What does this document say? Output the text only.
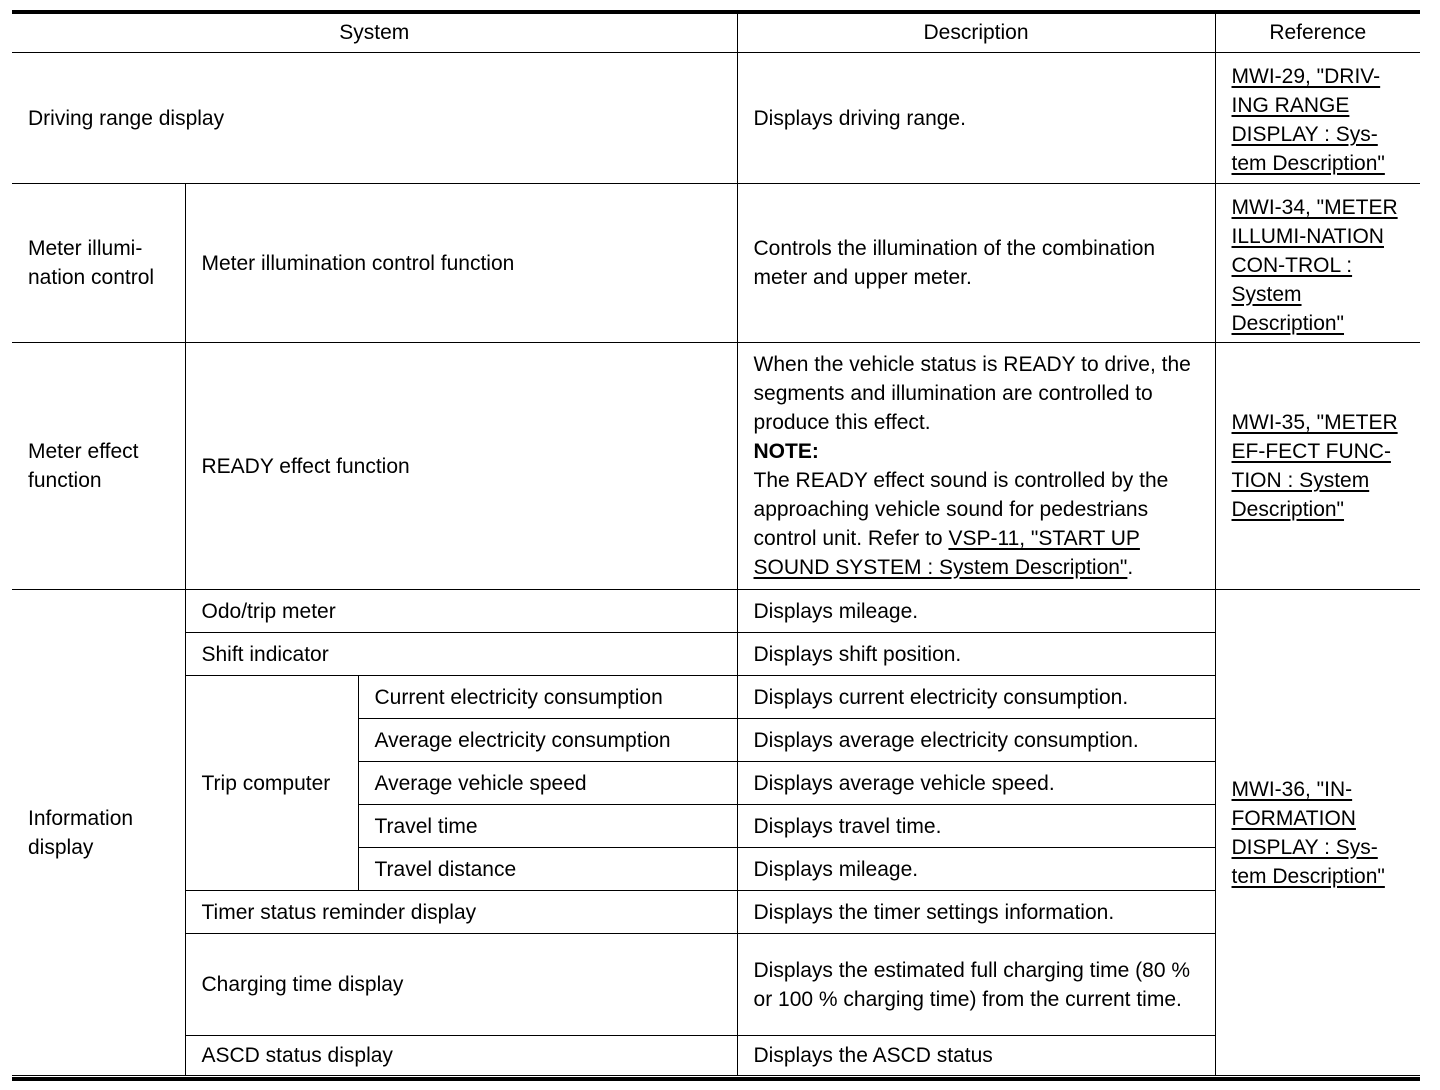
System			Description	Reference
Driving range display			Displays driving range.	MWI-29, "DRIV-ING RANGE DISPLAY : Sys-tem Description"
Meter illumi-nation control	Meter illumination control function		Controls the illumination of the combination meter and upper meter.	MWI-34, "METER ILLUMI-NATION CON-TROL : System Description"
Meter effect function	READY effect function		When the vehicle status is READY to drive, the segments and illumination are controlled to produce this effect.
NOTE:
The READY effect sound is controlled by the approaching vehicle sound for pedestrians control unit. Refer to VSP-11, "START UP SOUND SYSTEM : System Description".	MWI-35, "METER EF-FECT FUNC-TION : System Description"
Information display	Odo/trip meter		Displays mileage.	MWI-36, "IN-FORMATION DISPLAY : Sys-tem Description"
	Shift indicator		Displays shift position.	
	Trip computer	Current electricity consumption	Displays current electricity consumption.	
		Average electricity consumption	Displays average electricity consumption.	
		Average vehicle speed	Displays average vehicle speed.	
		Travel time	Displays travel time.	
		Travel distance	Displays mileage.	
	Timer status reminder display		Displays the timer settings information.	
	Charging time display		Displays the estimated full charging time (80 % or 100 % charging time) from the current time.	
	ASCD status display		Displays the ASCD status	
